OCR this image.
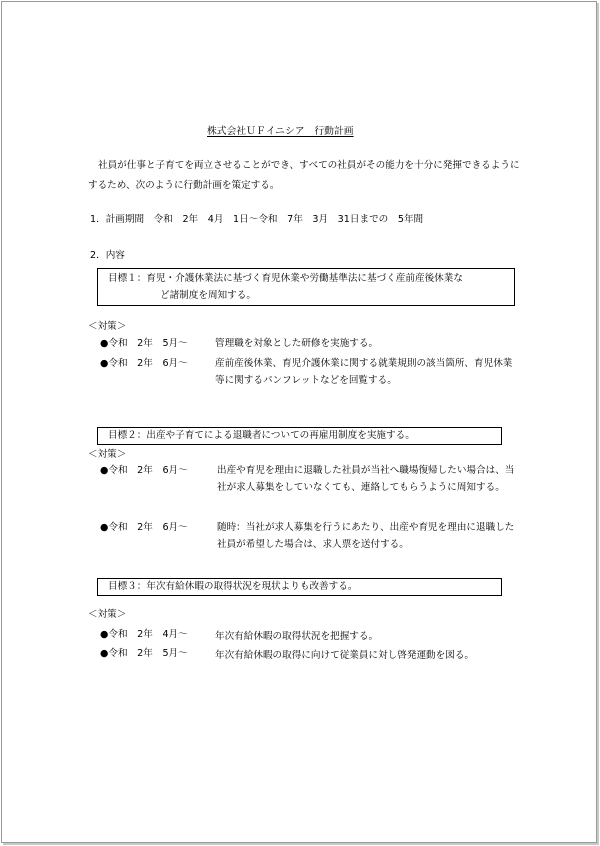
株式会社ＵＦイニシア　行動計画
社員が仕事と子育てを両立させることができ、すべての社員がその能力を十分に発揮できるようにするため、次のように行動計画を策定する。
1．計画期間　令和　2年　4月　1日〜令和　7年　3月　31日までの　5年間
2．内容
目標１：育児・介護休業法に基づく育児休業や労働基準法に基づく産前産後休業な
ど諸制度を周知する。
＜対策＞
●令和　2年　5月〜	管理職を対象とした研修を実施する。
●令和　2年　6月〜	産前産後休業、育児介護休業に関する就業規則の該当箇所、育児休業等に関するパンフレットなどを回覧する。
目標２：出産や子育てによる退職者についての再雇用制度を実施する。
＜対策＞
●令和　2年　6月〜	出産や育児を理由に退職した社員が当社へ職場復帰したい場合は、当社が求人募集をしていなくても、連絡してもらうように周知する。
●令和　2年　6月〜	随時：当社が求人募集を行うにあたり、出産や育児を理由に退職した社員が希望した場合は、求人票を送付する。
目標３：年次有給休暇の取得状況を現状よりも改善する。
＜対策＞
●令和　2年　4月〜	年次有給休暇の取得状況を把握する。
●令和　2年　5月〜	年次有給休暇の取得に向けて従業員に対し啓発運動を図る。
